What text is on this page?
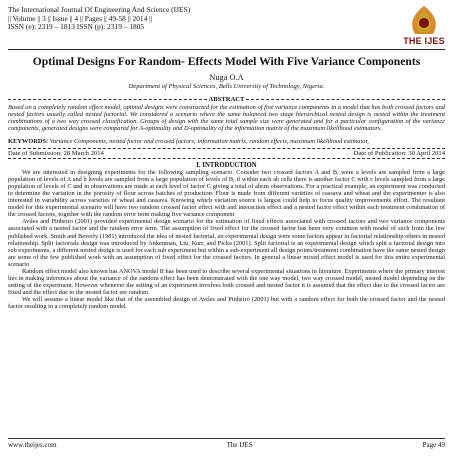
The International Journal Of Engineering And Science (IJES)
|| Volume || 3 || Issue || 4 || Pages || 49-58 || 2014 ||
ISSN (e): 2319 – 1813 ISSN (p): 2319 – 1805
THE IJES
Optimal Designs For Random- Effects Model With Five Variance Components
Nuga O.A
Department of Physical Sciences, Bells University of Technology, Nigeria.
ABSTRACT
Based on a completely random effect model, optimal designs were constructed for the estimation of five variance components in a model that has both crossed factors and nested factors usually called nested factorial. We considered a scenario where the same balanced two stage hierarchical nested design is nested within the treatment combinations of a two way crossed classification. Groups of design with the same total sample size were generated and for a particular configuration of the variance components, generated designs were compared for A-optimality and D-optimality of the information matrix of the maximum likelihood estimators.
KEYWORDS: Variance Components, nested factor and crossed factors; information matrix, random effects, maximum likelihood estimator,
Date of Submission: 28 March 2014	Date of Publication: 30 April 2014
I. INTRODUCTION

We are interested in designing experiments for the following sampling scenario. Consider two crossed factors A and B, were a levels are sampled from a large population of levels of A and b levels are sampled from a large population of levels of B, if within each ab cells there is another factor C with c levels sampled from a large population of levels of C and m observations are made at each level of factor C giving a total of abcm observations. For a practical example, an experiment was conducted to determine the variation in the porosity of flour across batches of production. Flour is made from different varieties of cassava and wheat and the experimenter is also interested in variability across varieties of wheat and cassava. Knowing which variation source is largest could help to focus quality improvements effort. The resultant model for this experimental scenario will have two random crossed factor effect with and interaction effect and a nested factor effect within each treatment combination of the crossed factors, together with the random error term making five variance component

Aviles and Pinheiro (2001) provided experimental design scenario for the estimation of fixed effects associated with crossed factors and two variance components associated with a nested factor and the random error term. The assumption of fixed effect for the crossed factor has been very common with model of such from the few published work. Smith and Beverly (1981) introduced the idea of nested factorial, an experimental design were some factors appear in factorial relationship others in nested relationship. Split factorials design was introduced by Ankenman, Liu, Karr, and Picka (2001). Split factorial is an experimental design which split a factorial design into sub experiments, a different nested design is used for each sub experiment but within a sub-experiment all design points/treatment combination have the same nested design are some of the few published work with an assumption of fixed effect for the crossed factors. In general a linear mixed effect model is used for this entire experimental scenario

Random effect model also known has ANOVA model II has been used to describe several experimental situations in literature. Experiments where the primary interest lies in making inferences about the variance of the random effect has been demonstrated with the one way model, two way crossed model, nested model depending on the setting of the experiment. However whenever the setting of an experiment involves both crossed and nested factor it is assumed that the effect due to the crossed factor are fixed and the effect due to the nested factor are random.

We will assume a linear model like that of the assembled design of Aviles and Pinheiro (2001) but with a random effect for both the crossed factor and the nested factor resulting in a completely random model.

www.theijes.com	The IJES	Page 49
